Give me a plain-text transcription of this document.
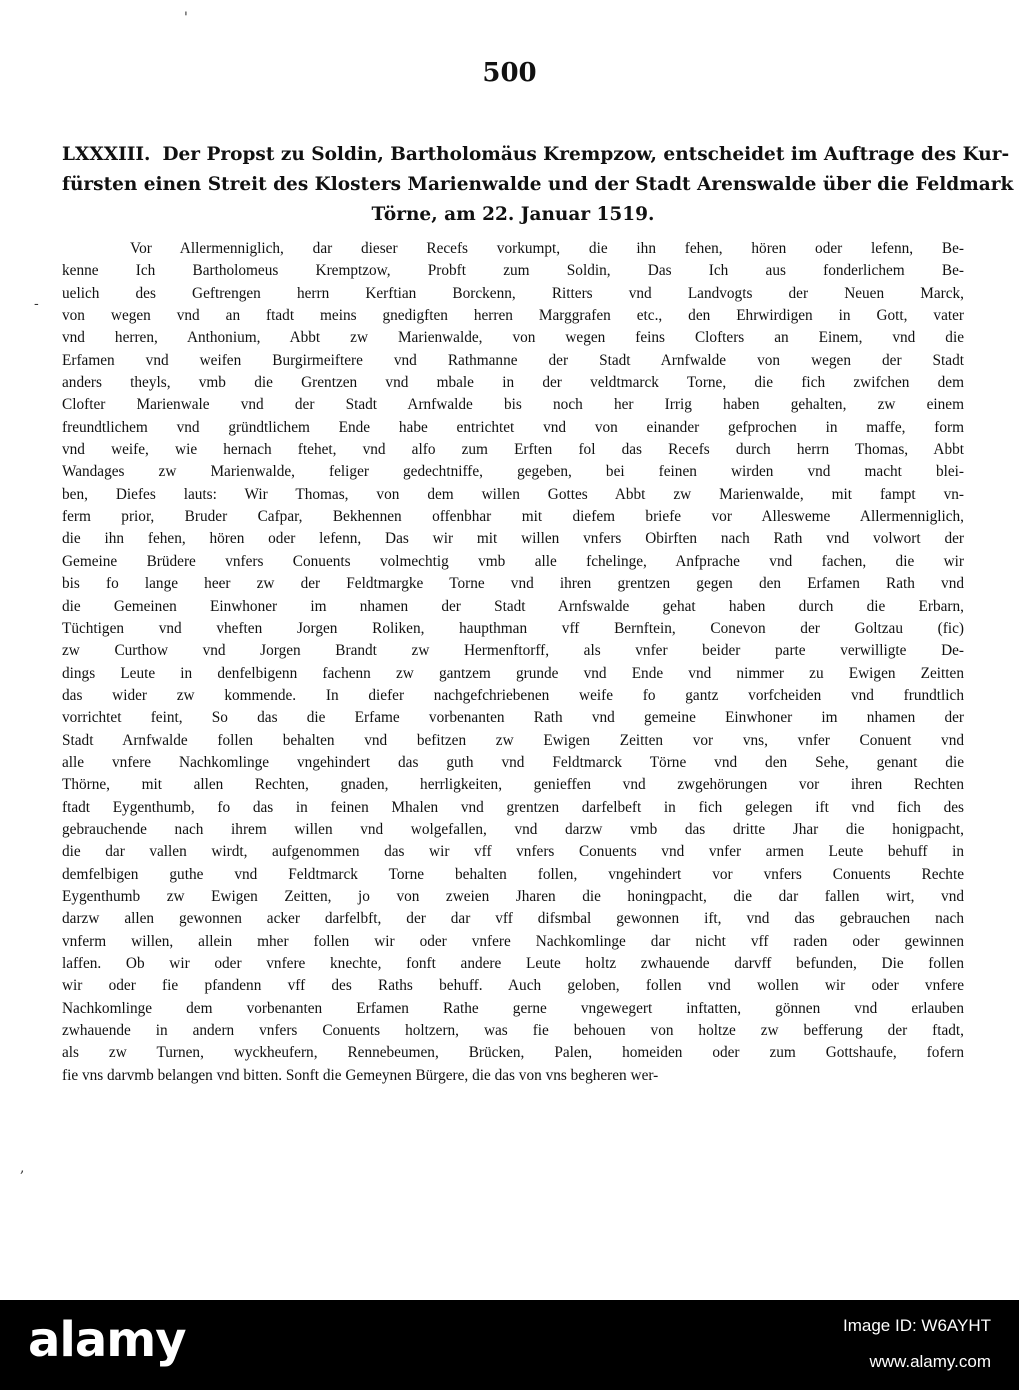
500
LXXXIII. Der Propst zu Soldin, Bartholomäus Krempzow, entscheidet im Auftrage des Kur-
fürsten einen Streit des Klosters Marienwalde und der Stadt Arenswalde über die Feldmark
Törne, am 22. Januar 1519.
Vor Allermenniglich, dar dieser Recefs vorkumpt, die ihn fehen, hören oder lefenn, Be-
kenne Ich Bartholomeus Kremptzow, Probft zum Soldin, Das Ich aus fonderlichem Be-
uelich des Geftrengen herrn Kerftian Borckenn, Ritters vnd Landvogts der Neuen Marck,
von wegen vnd an ftadt meins gnedigften herren Marggrafen etc., den Ehrwirdigen in Gott, vater
vnd herren, Anthonium, Abbt zw Marienwalde, von wegen feins Clofters an Einem, vnd die
Erfamen vnd weifen Burgirmeiftere vnd Rathmanne der Stadt Arnfwalde von wegen der Stadt
anders theyls, vmb die Grentzen vnd mbale in der veldtmarck Torne, die fich zwifchen dem
Clofter Marienwale vnd der Stadt Arnfwalde bis noch her Irrig haben gehalten, zw einem
freundtlichem vnd gründtlichem Ende habe entrichtet vnd von einander gefprochen in maffe, form
vnd weife, wie hernach ftehet, vnd alfo zum Erften fol das Recefs durch herrn Thomas, Abbt
Wandages zw Marienwalde, feliger gedechtniffe, gegeben, bei feinen wirden vnd macht blei-
ben, Diefes lauts: Wir Thomas, von dem willen Gottes Abbt zw Marienwalde, mit fampt vn-
ferm prior, Bruder Cafpar, Bekhennen offenbhar mit diefem briefe vor Allesweme Allermenniglich,
die ihn fehen, hören oder lefenn, Das wir mit willen vnfers Obirften nach Rath vnd volwort der
Gemeine Brüdere vnfers Conuents volmechtig vmb alle fchelinge, Anfprache vnd fachen, die wir
bis fo lange heer zw der Feldtmargke Torne vnd ihren grentzen gegen den Erfamen Rath vnd
die Gemeinen Einwhoner im nhamen der Stadt Arnfswalde gehat haben durch die Erbarn,
Tüchtigen vnd vheften Jorgen Roliken, haupthman vff Bernftein, Conevon der Goltzau (fic)
zw Curthow vnd Jorgen Brandt zw Hermenftorff, als vnfer beider parte verwilligte De-
dings Leute in denfelbigenn fachenn zw gantzem grunde vnd Ende vnd nimmer zu Ewigen Zeitten
das wider zw kommende. In diefer nachgefchriebenen weife fo gantz vorfcheiden vnd frundtlich
vorrichtet feint, So das die Erfame vorbenanten Rath vnd gemeine Einwhoner im nhamen der
Stadt Arnfwalde follen behalten vnd befitzen zw Ewigen Zeitten vor vns, vnfer Conuent vnd
alle vnfere Nachkomlinge vngehindert das guth vnd Feldtmarck Törne vnd den Sehe, genant die
Thörne, mit allen Rechten, gnaden, herrligkeiten, genieffen vnd zwgehörungen vor ihren Rechten
ftadt Eygenthumb, fo das in feinen Mhalen vnd grentzen darfelbeft in fich gelegen ift vnd fich des
gebrauchende nach ihrem willen vnd wolgefallen, vnd darzw vmb das dritte Jhar die honigpacht,
die dar vallen wirdt, aufgenommen das wir vff vnfers Conuents vnd vnfer armen Leute behuff in
demfelbigen guthe vnd Feldtmarck Torne behalten follen, vngehindert vor vnfers Conuents Rechte
Eygenthumb zw Ewigen Zeitten, jo von zweien Jharen die honingpacht, die dar fallen wirt, vnd
darzw allen gewonnen acker darfelbft, der dar vff difsmbal gewonnen ift, vnd das gebrauchen nach
vnferm willen, allein mher follen wir oder vnfere Nachkomlinge dar nicht vff raden oder gewinnen
laffen. Ob wir oder vnfere knechte, fonft andere Leute holtz zwhauende darvff befunden, Die follen
wir oder fie pfandenn vff des Raths behuff. Auch geloben, follen vnd wollen wir oder vnfere
Nachkomlinge dem vorbenanten Erfamen Rathe gerne vngewegert inftatten, gönnen vnd erlauben
zwhauende in andern vnfers Conuents holtzern, was fie behouen von holtze zw befferung der ftadt,
als zw Turnen, wyckheufern, Rennebeumen, Brücken, Palen, homeiden oder zum Gottshaufe, fofern
fie vns darvmb belangen vnd bitten. Sonft die Gemeynen Bürgere, die das von vns begheren wer-
'
-
,
alamy	Image ID: W6AYHT
www.alamy.com
